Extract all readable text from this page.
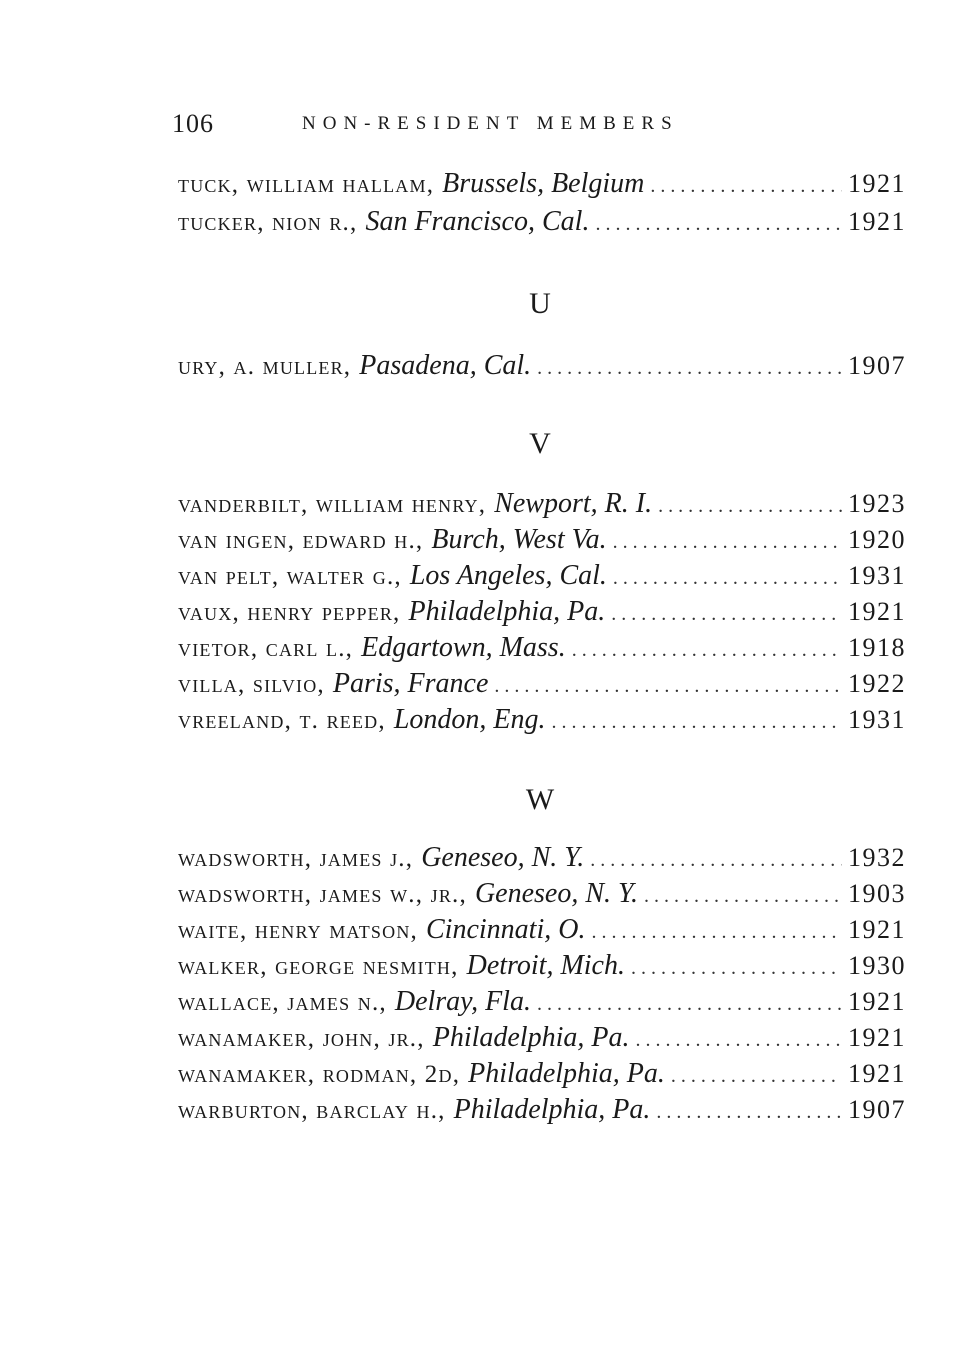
106	NON-RESIDENT MEMBERS
tuck, william hallam, Brussels, Belgium . . .	1921
tucker, nion r., San Francisco, Cal. . . .	1921
U
ury, a. muller, Pasadena, Cal. . . .	1907
V
vanderbilt, william henry, Newport, R. I. . . .	1923
van ingen, edward h., Burch, West Va. . . .	1920
van pelt, walter g., Los Angeles, Cal. . . .	1931
vaux, henry pepper, Philadelphia, Pa. . . .	1921
vietor, carl l., Edgartown, Mass. . . .	1918
villa, silvio, Paris, France . . .	1922
vreeland, t. reed, London, Eng. . . .	1931
W
wadsworth, james j., Geneseo, N. Y. . . .	1932
wadsworth, james w., jr., Geneseo, N. Y. . . .	1903
waite, henry matson, Cincinnati, O. . . .	1921
walker, george nesmith, Detroit, Mich. . . .	1930
wallace, james n., Delray, Fla. . . .	1921
wanamaker, john, jr., Philadelphia, Pa. . . .	1921
wanamaker, rodman, 2d, Philadelphia, Pa. . . .	1921
warburton, barclay h., Philadelphia, Pa. . . .	1907
